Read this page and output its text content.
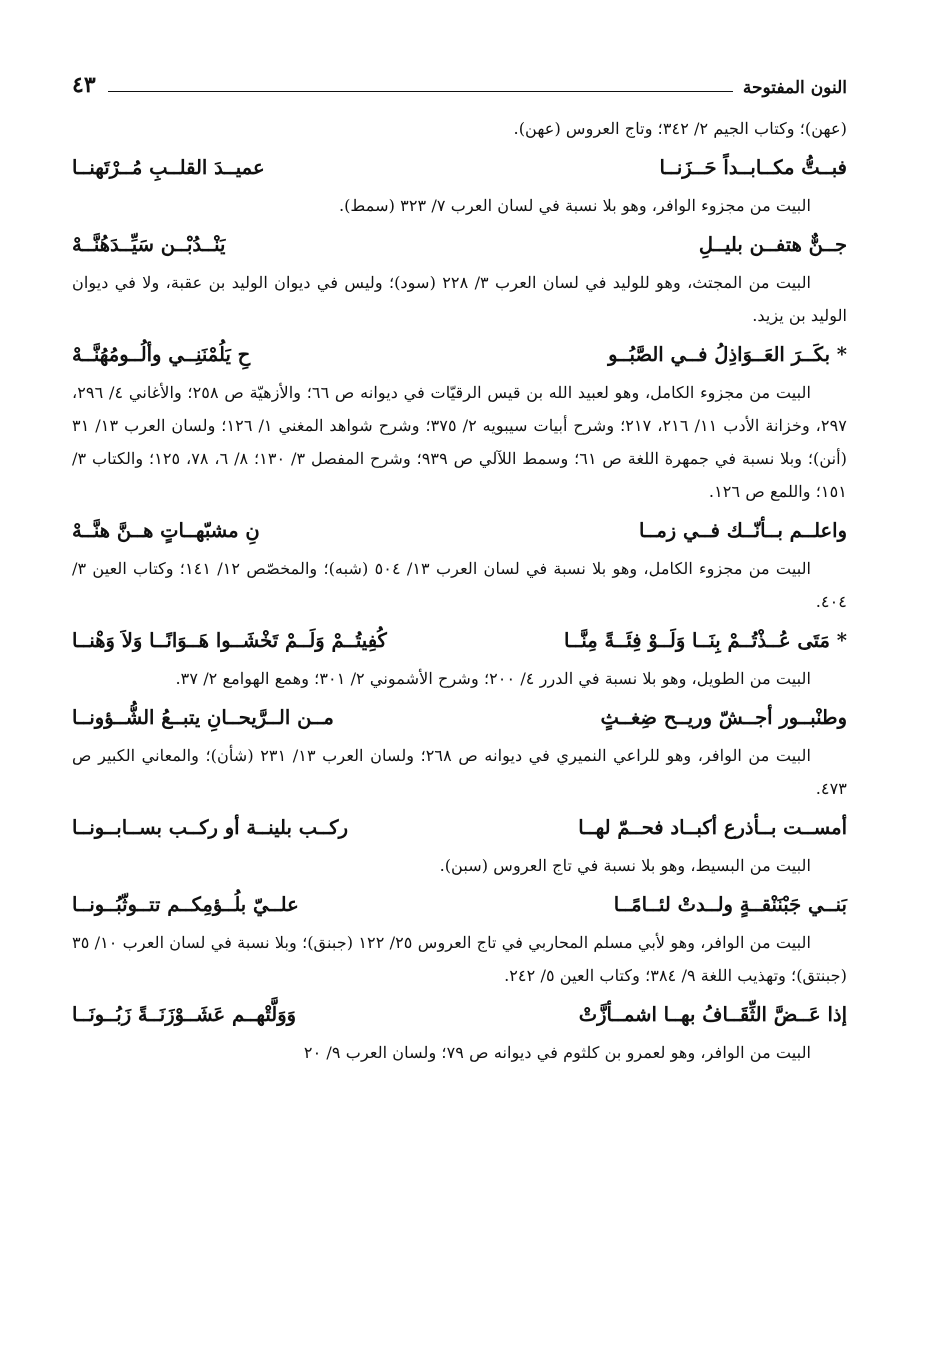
النون المفتوحة
٤٣

(عهن)؛ وكتاب الجيم ٢/ ٣٤٢؛ وتاج العروس (عهن).

فبــتُّ مكــابــداً حَــزَنــا
عميــدَ القلــبِ مُــرْتَهنــا

البيت من مجزوء الوافر، وهو بلا نسبة في لسان العرب ٧/ ٣٢٣ (سمط).

جــنٌّ هتفــن بليــلِ
يَنْــدُبْــن سَيِّــدَهُنَّــهْ

البيت من المجتث، وهو للوليد في لسان العرب ٣/ ٢٢٨ (سود)؛ وليس في ديوان الوليد بن عقبة، ولا في ديوان الوليد بن يزيد.

* بكَــرَ العَــوَاذِلُ فــي الصَّبُــو
حِ يَلُمْنَنِــي وألُــومُهُنَّــهْ

البيت من مجزوء الكامل، وهو لعبيد الله بن قيس الرقيّات في ديوانه ص ٦٦؛ والأزهيّة ص ٢٥٨؛ والأغاني ٤/ ٢٩٦، ٢٩٧، وخزانة الأدب ١١/ ٢١٦، ٢١٧؛ وشرح أبيات سيبويه ٢/ ٣٧٥؛ وشرح شواهد المغني ١/ ١٢٦؛ ولسان العرب ١٣/ ٣١ (أنن)؛ وبلا نسبة في جمهرة اللغة ص ٦١؛ وسمط اللآلي ص ٩٣٩؛ وشرح المفصل ٣/ ١٣٠؛ ٨/ ٦، ٧٨، ١٢٥؛ والكتاب ٣/ ١٥١؛ واللمع ص ١٢٦.

واعلــم بــأنّــك فــي زمــا
نِ مشبّهــاتٍ هــنَّ هنَّــهْ

البيت من مجزوء الكامل، وهو بلا نسبة في لسان العرب ١٣/ ٥٠٤ (شبه)؛ والمخصّص ١٢/ ١٤١؛ وكتاب العين ٣/ ٤٠٤.

* مَتَى عُــذْتُــمْ بِنَــا وَلَــوْ فِئَــةً مِنَّــا
كُفِيتُــمْ وَلَــمْ تَخْشَــوا هَــوَانًــا وَلاَ وَهْنــا

البيت من الطويل، وهو بلا نسبة في الدرر ٤/ ٢٠٠؛ وشرح الأشموني ٢/ ٣٠١؛ وهمع الهوامع ٢/ ٣٧.

وطنْبــور أجــشّ وريــح ضِغــثٍ
مــن الــرَّيحــانِ يتبــعُ الشُّــؤونــا

البيت من الوافر، وهو للراعي النميري في ديوانه ص ٢٦٨؛ ولسان العرب ١٣/ ٢٣١ (شأن)؛ والمعاني الكبير ص ٤٧٣.

أمســت بــأذرع أكبــاد فحــمّ لهــا
ركــب بلينــة أو ركــب بســابــونــا

البيت من البسيط، وهو بلا نسبة في تاج العروس (سبن).

بَنــي جَبْنَنْقــةٍ ولــدتْ لئــامًــا
علــيّ بلُــؤمِكــم تتــوثّبُــونــا

البيت من الوافر، وهو لأبي مسلم المحاربي في تاج العروس ٢٥/ ١٢٢ (جبنق)؛ وبلا نسبة في لسان العرب ١٠/ ٣٥ (جبنتق)؛ وتهذيب اللغة ٩/ ٣٨٤؛ وكتاب العين ٥/ ٢٤٢.

إذا عَــضَّ الثِّقَــافُ بهــا اشمــأزَّتْ
وَوَلَّتْهــم عَشَــوْزَنَــةً زَبُــونَــا

البيت من الوافر، وهو لعمرو بن كلثوم في ديوانه ص ٧٩؛ ولسان العرب ٩/ ٢٠
